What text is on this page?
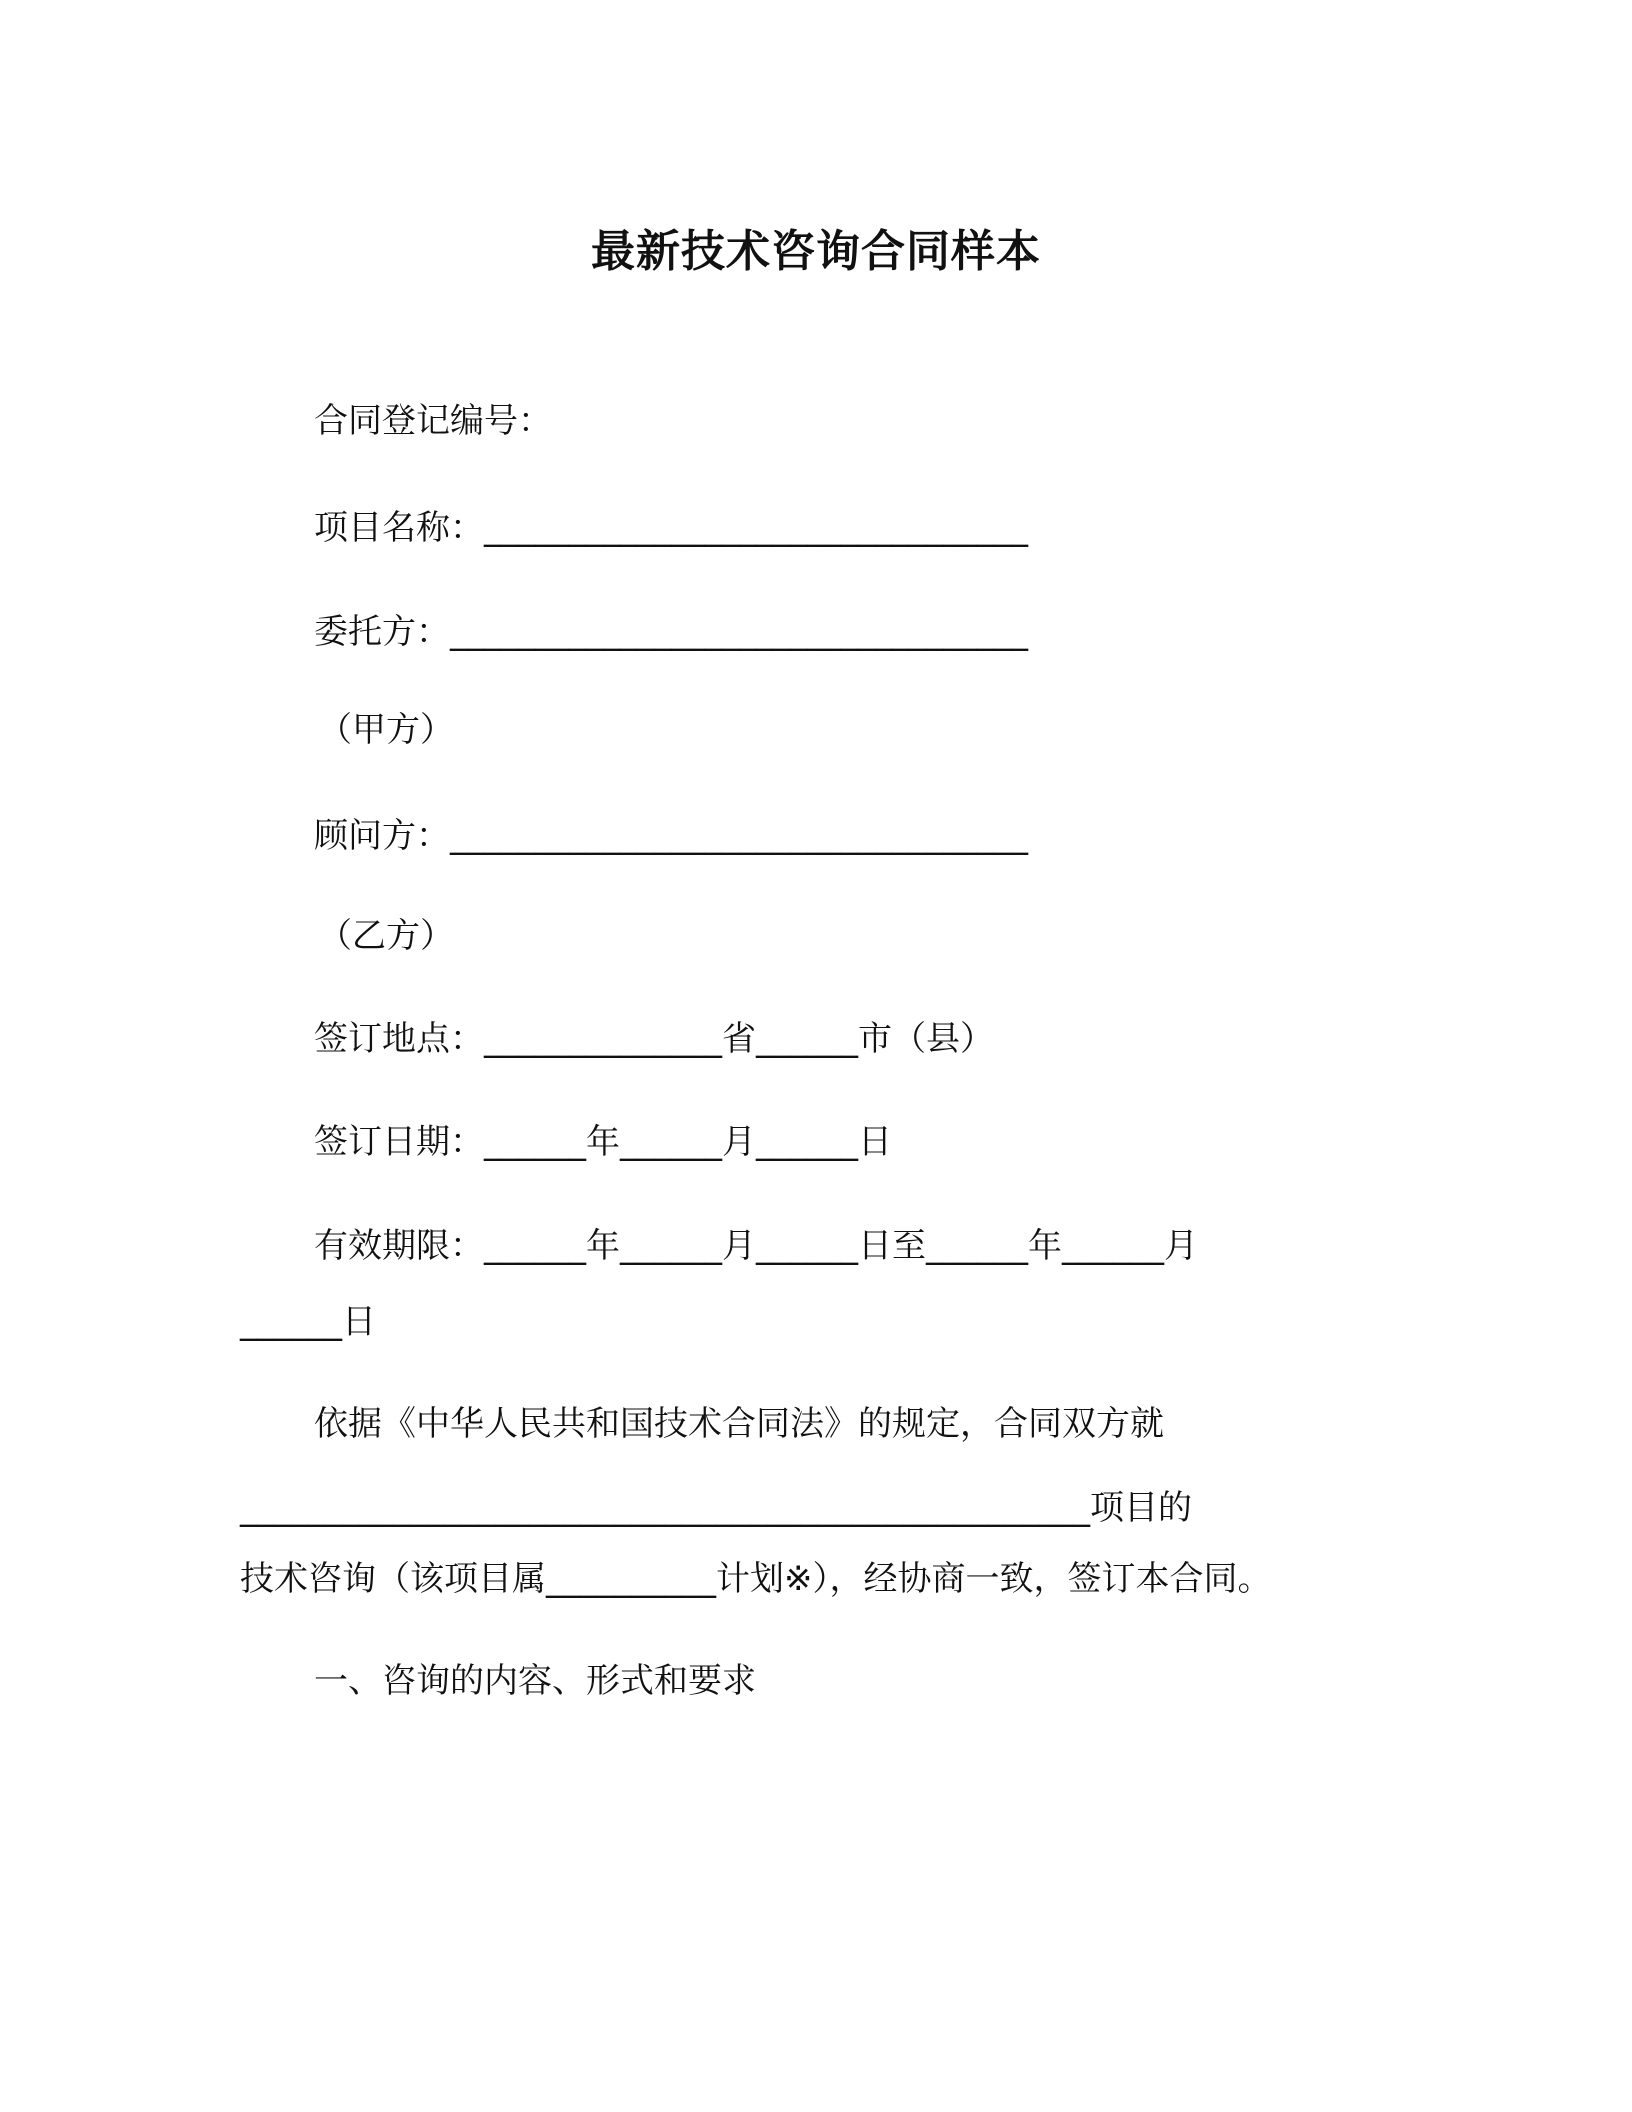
最新技术咨询合同样本
合同登记编号：
项目名称：________________________________
委托方：__________________________________
（甲方）
顾问方：__________________________________
（乙方）
签订地点：______________省______市（县）
签订日期：______年______月______日
有效期限：______年______月______日至______年______月
______日
依据《中华人民共和国技术合同法》的规定，合同双方就
__________________________________________________项目的
技术咨询（该项目属__________计划※），经协商一致，签订本合同。
一、咨询的内容、形式和要求
